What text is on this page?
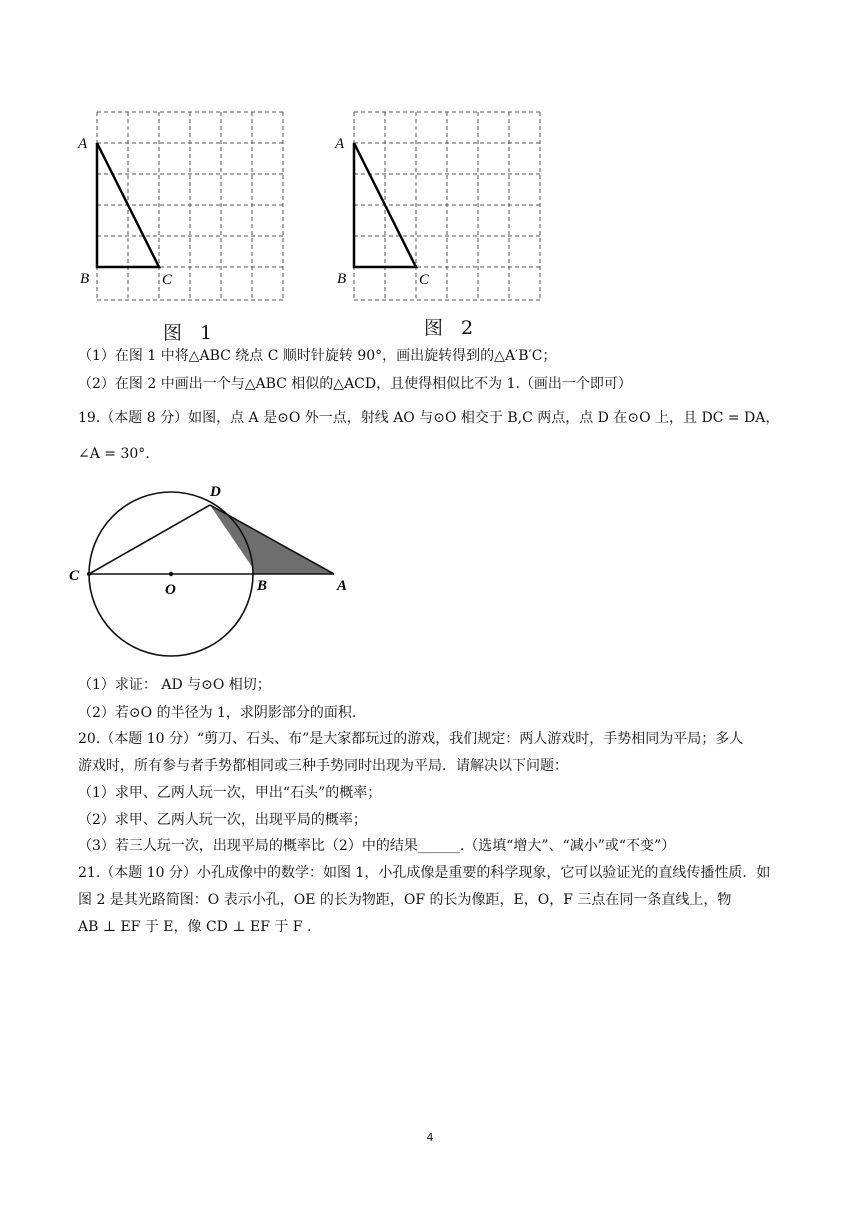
A
B	C
图 1
A
B	C
图 2
（1）在图 1 中将△ABC 绕点 C 顺时针旋转 90°，画出旋转得到的△A′B′C；
（2）在图 2 中画出一个与△ABC 相似的△ACD，且使得相似比不为 1.（画出一个即可）
19.（本题 8 分）如图，点 A 是⊙O 外一点，射线 AO 与⊙O 相交于 B,C 两点，点 D 在⊙O 上，且 DC = DA，
∠A = 30°.
C
O	B	A
D
（1）求证： AD 与⊙O 相切；
（2）若⊙O 的半径为 1，求阴影部分的面积.
20.（本题 10 分）“剪刀、石头、布”是大家都玩过的游戏，我们规定：两人游戏时，手势相同为平局；多人
游戏时，所有参与者手势都相同或三种手势同时出现为平局．请解决以下问题：
（1）求甲、乙两人玩一次，甲出“石头”的概率；
（2）求甲、乙两人玩一次，出现平局的概率；
（3）若三人玩一次，出现平局的概率比（2）中的结果______.（选填“增大”、“减小”或“不变”）
21.（本题 10 分）小孔成像中的数学：如图 1，小孔成像是重要的科学现象，它可以验证光的直线传播性质．如
图 2 是其光路简图：O 表示小孔，OE 的长为物距，OF 的长为像距，E，O，F 三点在同一条直线上，物
AB ⊥ EF 于 E，像 CD ⊥ EF 于 F .
4
